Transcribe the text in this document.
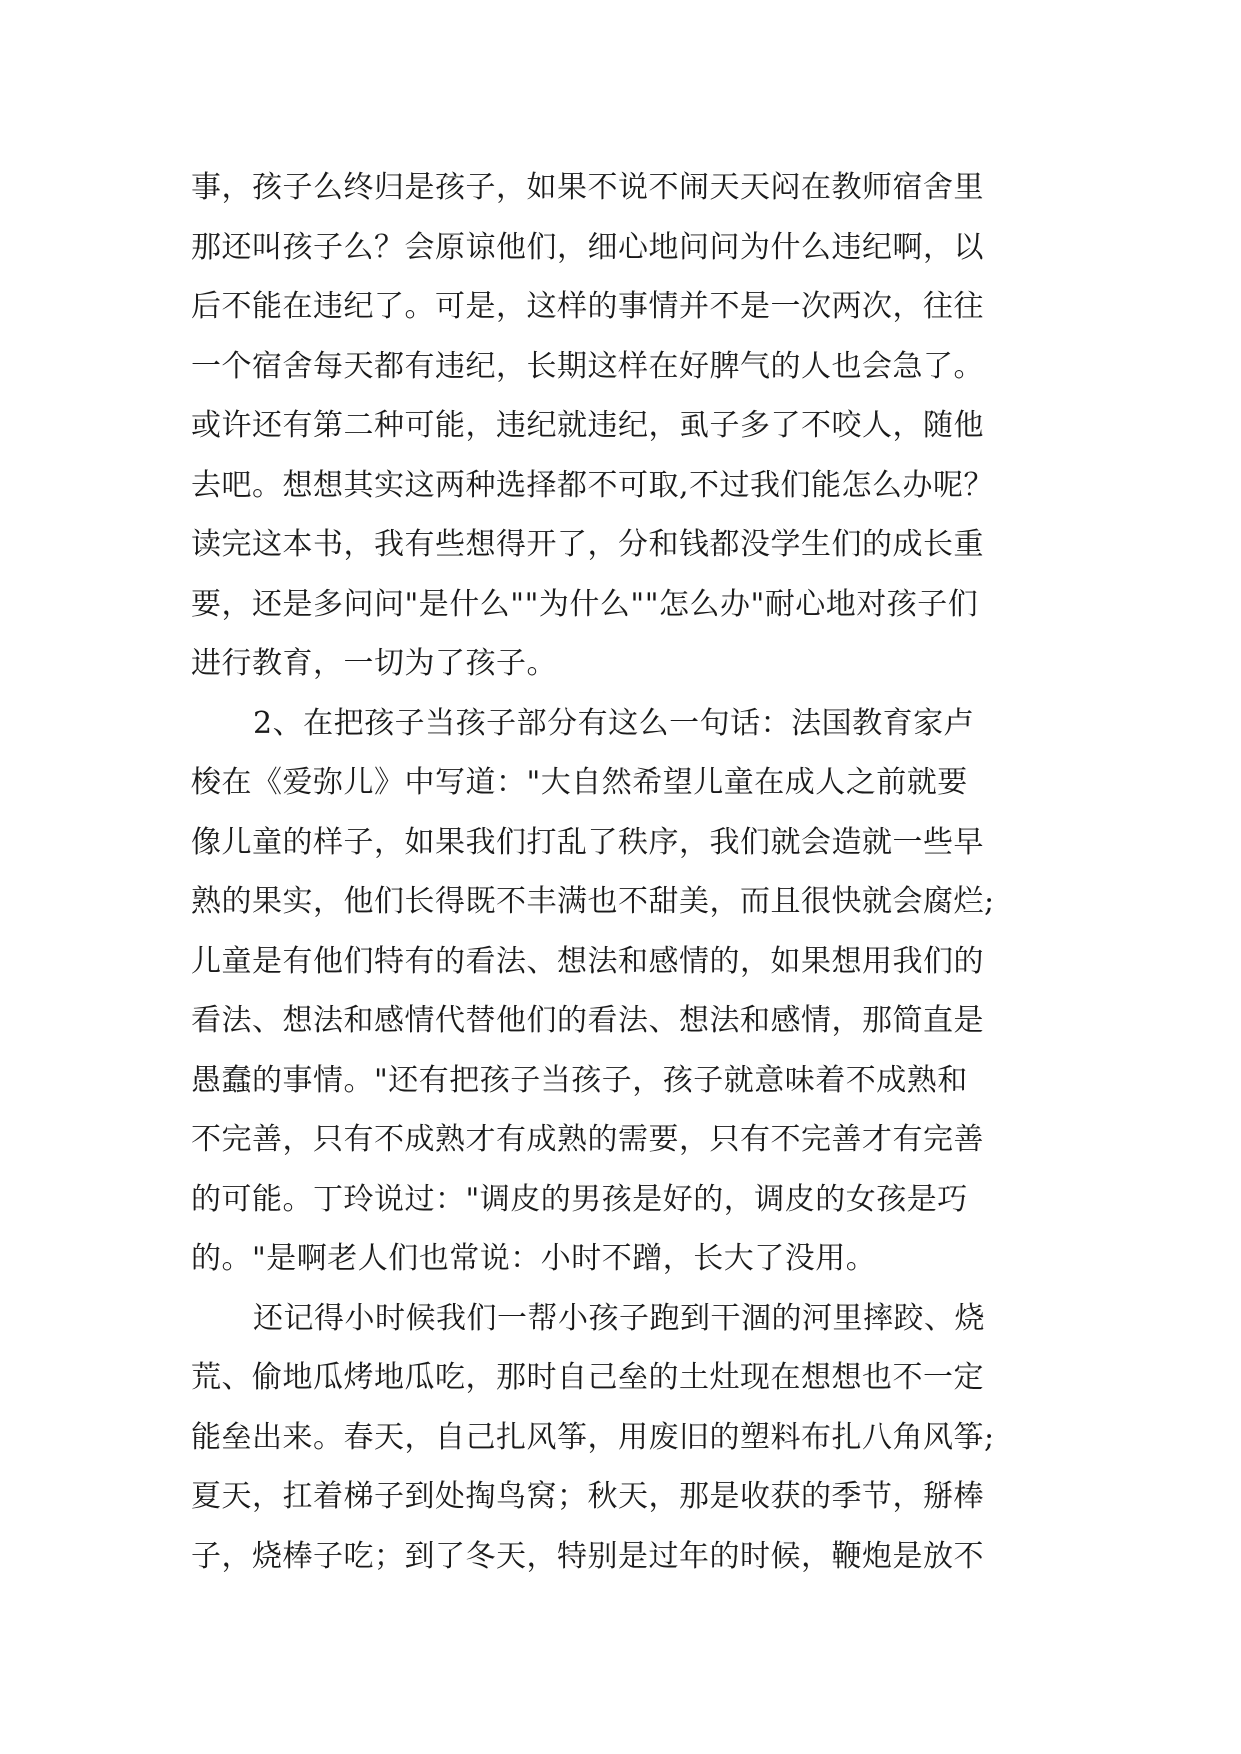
事，孩子么终归是孩子，如果不说不闹天天闷在教师宿舍里
那还叫孩子么？会原谅他们，细心地问问为什么违纪啊，以
后不能在违纪了。可是，这样的事情并不是一次两次，往往
一个宿舍每天都有违纪，长期这样在好脾气的人也会急了。
或许还有第二种可能，违纪就违纪，虱子多了不咬人，随他
去吧。想想其实这两种选择都不可取,不过我们能怎么办呢？
读完这本书，我有些想得开了，分和钱都没学生们的成长重
要，还是多问问"是什么""为什么""怎么办"耐心地对孩子们
进行教育，一切为了孩子。
2、在把孩子当孩子部分有这么一句话：法国教育家卢
梭在《爱弥儿》中写道："大自然希望儿童在成人之前就要
像儿童的样子，如果我们打乱了秩序，我们就会造就一些早
熟的果实，他们长得既不丰满也不甜美，而且很快就会腐烂;
儿童是有他们特有的看法、想法和感情的，如果想用我们的
看法、想法和感情代替他们的看法、想法和感情，那简直是
愚蠢的事情。"还有把孩子当孩子，孩子就意味着不成熟和
不完善，只有不成熟才有成熟的需要，只有不完善才有完善
的可能。丁玲说过："调皮的男孩是好的，调皮的女孩是巧
的。"是啊老人们也常说：小时不蹭，长大了没用。
还记得小时候我们一帮小孩子跑到干涸的河里摔跤、烧
荒、偷地瓜烤地瓜吃，那时自己垒的土灶现在想想也不一定
能垒出来。春天，自己扎风筝，用废旧的塑料布扎八角风筝;
夏天，扛着梯子到处掏鸟窝；秋天，那是收获的季节，掰棒
子，烧棒子吃；到了冬天，特别是过年的时候，鞭炮是放不
